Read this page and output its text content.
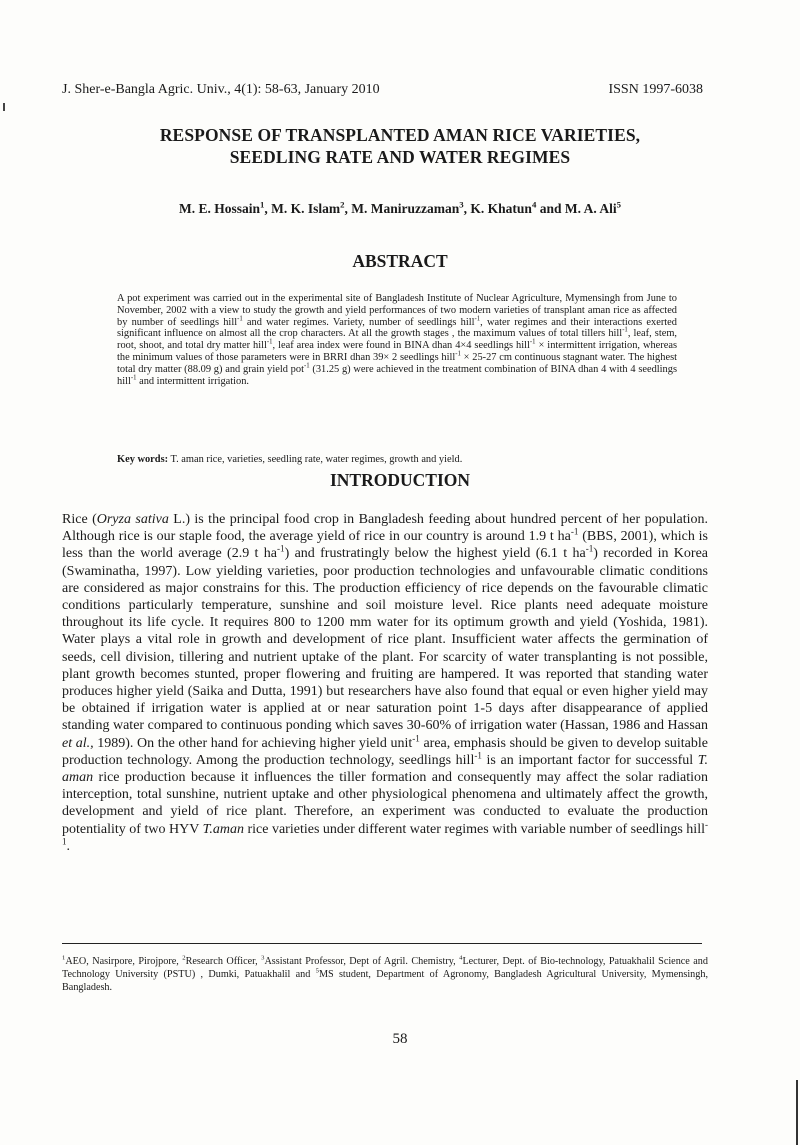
J. Sher-e-Bangla Agric. Univ., 4(1): 58-63, January 2010	ISSN 1997-6038
RESPONSE OF TRANSPLANTED AMAN RICE VARIETIES,
SEEDLING RATE AND WATER REGIMES
M. E. Hossain$^1$, M. K. Islam$^2$, M. Maniruzzaman$^3$, K. Khatun$^4$ and M. A. Ali$^5$
ABSTRACT
A pot experiment was carried out in the experimental site of Bangladesh Institute of Nuclear Agriculture, Mymensingh from June to November, 2002 with a view to study the growth and yield performances of two modern varieties of transplant aman rice as affected by number of seedlings hill$^{-1}$ and water regimes. Variety, number of seedlings hill$^{-1}$, water regimes and their interactions exerted significant influence on almost all the crop characters. At all the growth stages , the maximum values of total tillers hill$^{-1}$, leaf, stem, root, shoot, and total dry matter hill$^{-1}$, leaf area index were found in BINA dhan 4×4 seedlings hill$^{-1}$ × intermittent irrigation, whereas the minimum values of those parameters were in BRRI dhan 39× 2 seedlings hill$^{-1}$ × 25-27 cm continuous stagnant water. The highest total dry matter (88.09 g) and grain yield pot$^{-1}$ (31.25 g) were achieved in the treatment combination of BINA dhan 4 with 4 seedlings hill$^{-1}$ and intermittent irrigation.
Key words: T. aman rice, varieties, seedling rate, water regimes, growth and yield.
INTRODUCTION

Rice (Oryza sativa L.) is the principal food crop in Bangladesh feeding about hundred percent of her population. Although rice is our staple food, the average yield of rice in our country is around 1.9 t $ha^{-1}$ (BBS, 2001), which is less than the world average (2.9 t $ha^{-1}$) and frustratingly below the highest yield (6.1 t $ha^{-1}$) recorded in Korea (Swaminatha, 1997). Low yielding varieties, poor production technologies and unfavourable climatic conditions are considered as major constrains for this. The production efficiency of rice depends on the favourable climatic conditions particularly temperature, sunshine and soil moisture level. Rice plants need adequate moisture throughout its life cycle. It requires 800 to 1200 mm water for its optimum growth and yield (Yoshida, 1981). Water plays a vital role in growth and development of rice plant. Insufficient water affects the germination of seeds, cell division, tillering and nutrient uptake of the plant. For scarcity of water transplanting is not possible, plant growth becomes stunted, proper flowering and fruiting are hampered. It was reported that standing water produces higher yield (Saika and Dutta, 1991) but researchers have also found that equal or even higher yield may be obtained if irrigation water is applied at or near saturation point 1-5 days after disappearance of applied standing water compared to continuous ponding which saves 30-60% of irrigation water (Hassan, 1986 and Hassan et al., 1989). On the other hand for achieving higher yield unit$^{-1}$ area, emphasis should be given to develop suitable production technology. Among the production technology, seedlings hill$^{-1}$ is an important factor for successful T. aman rice production because it influences the tiller formation and consequently may affect the solar radiation interception, total sunshine, nutrient uptake and other physiological phenomena and ultimately affect the growth, development and yield of rice plant. Therefore, an experiment was conducted to evaluate the production potentiality of two HYV T.aman rice varieties under different water regimes with variable number of seedlings hill$^{-1}$.

$^1$AEO, Nasirpore, Pirojpore, $^2$Research Officer, $^3$Assistant Professor, Dept of Agril. Chemistry, $^4$Lecturer, Dept. of Bio-technology, Patuakhalil Science and Technology University (PSTU) , Dumki, Patuakhalil and $^5$MS student, Department of Agronomy, Bangladesh Agricultural University, Mymensingh, Bangladesh.
58
